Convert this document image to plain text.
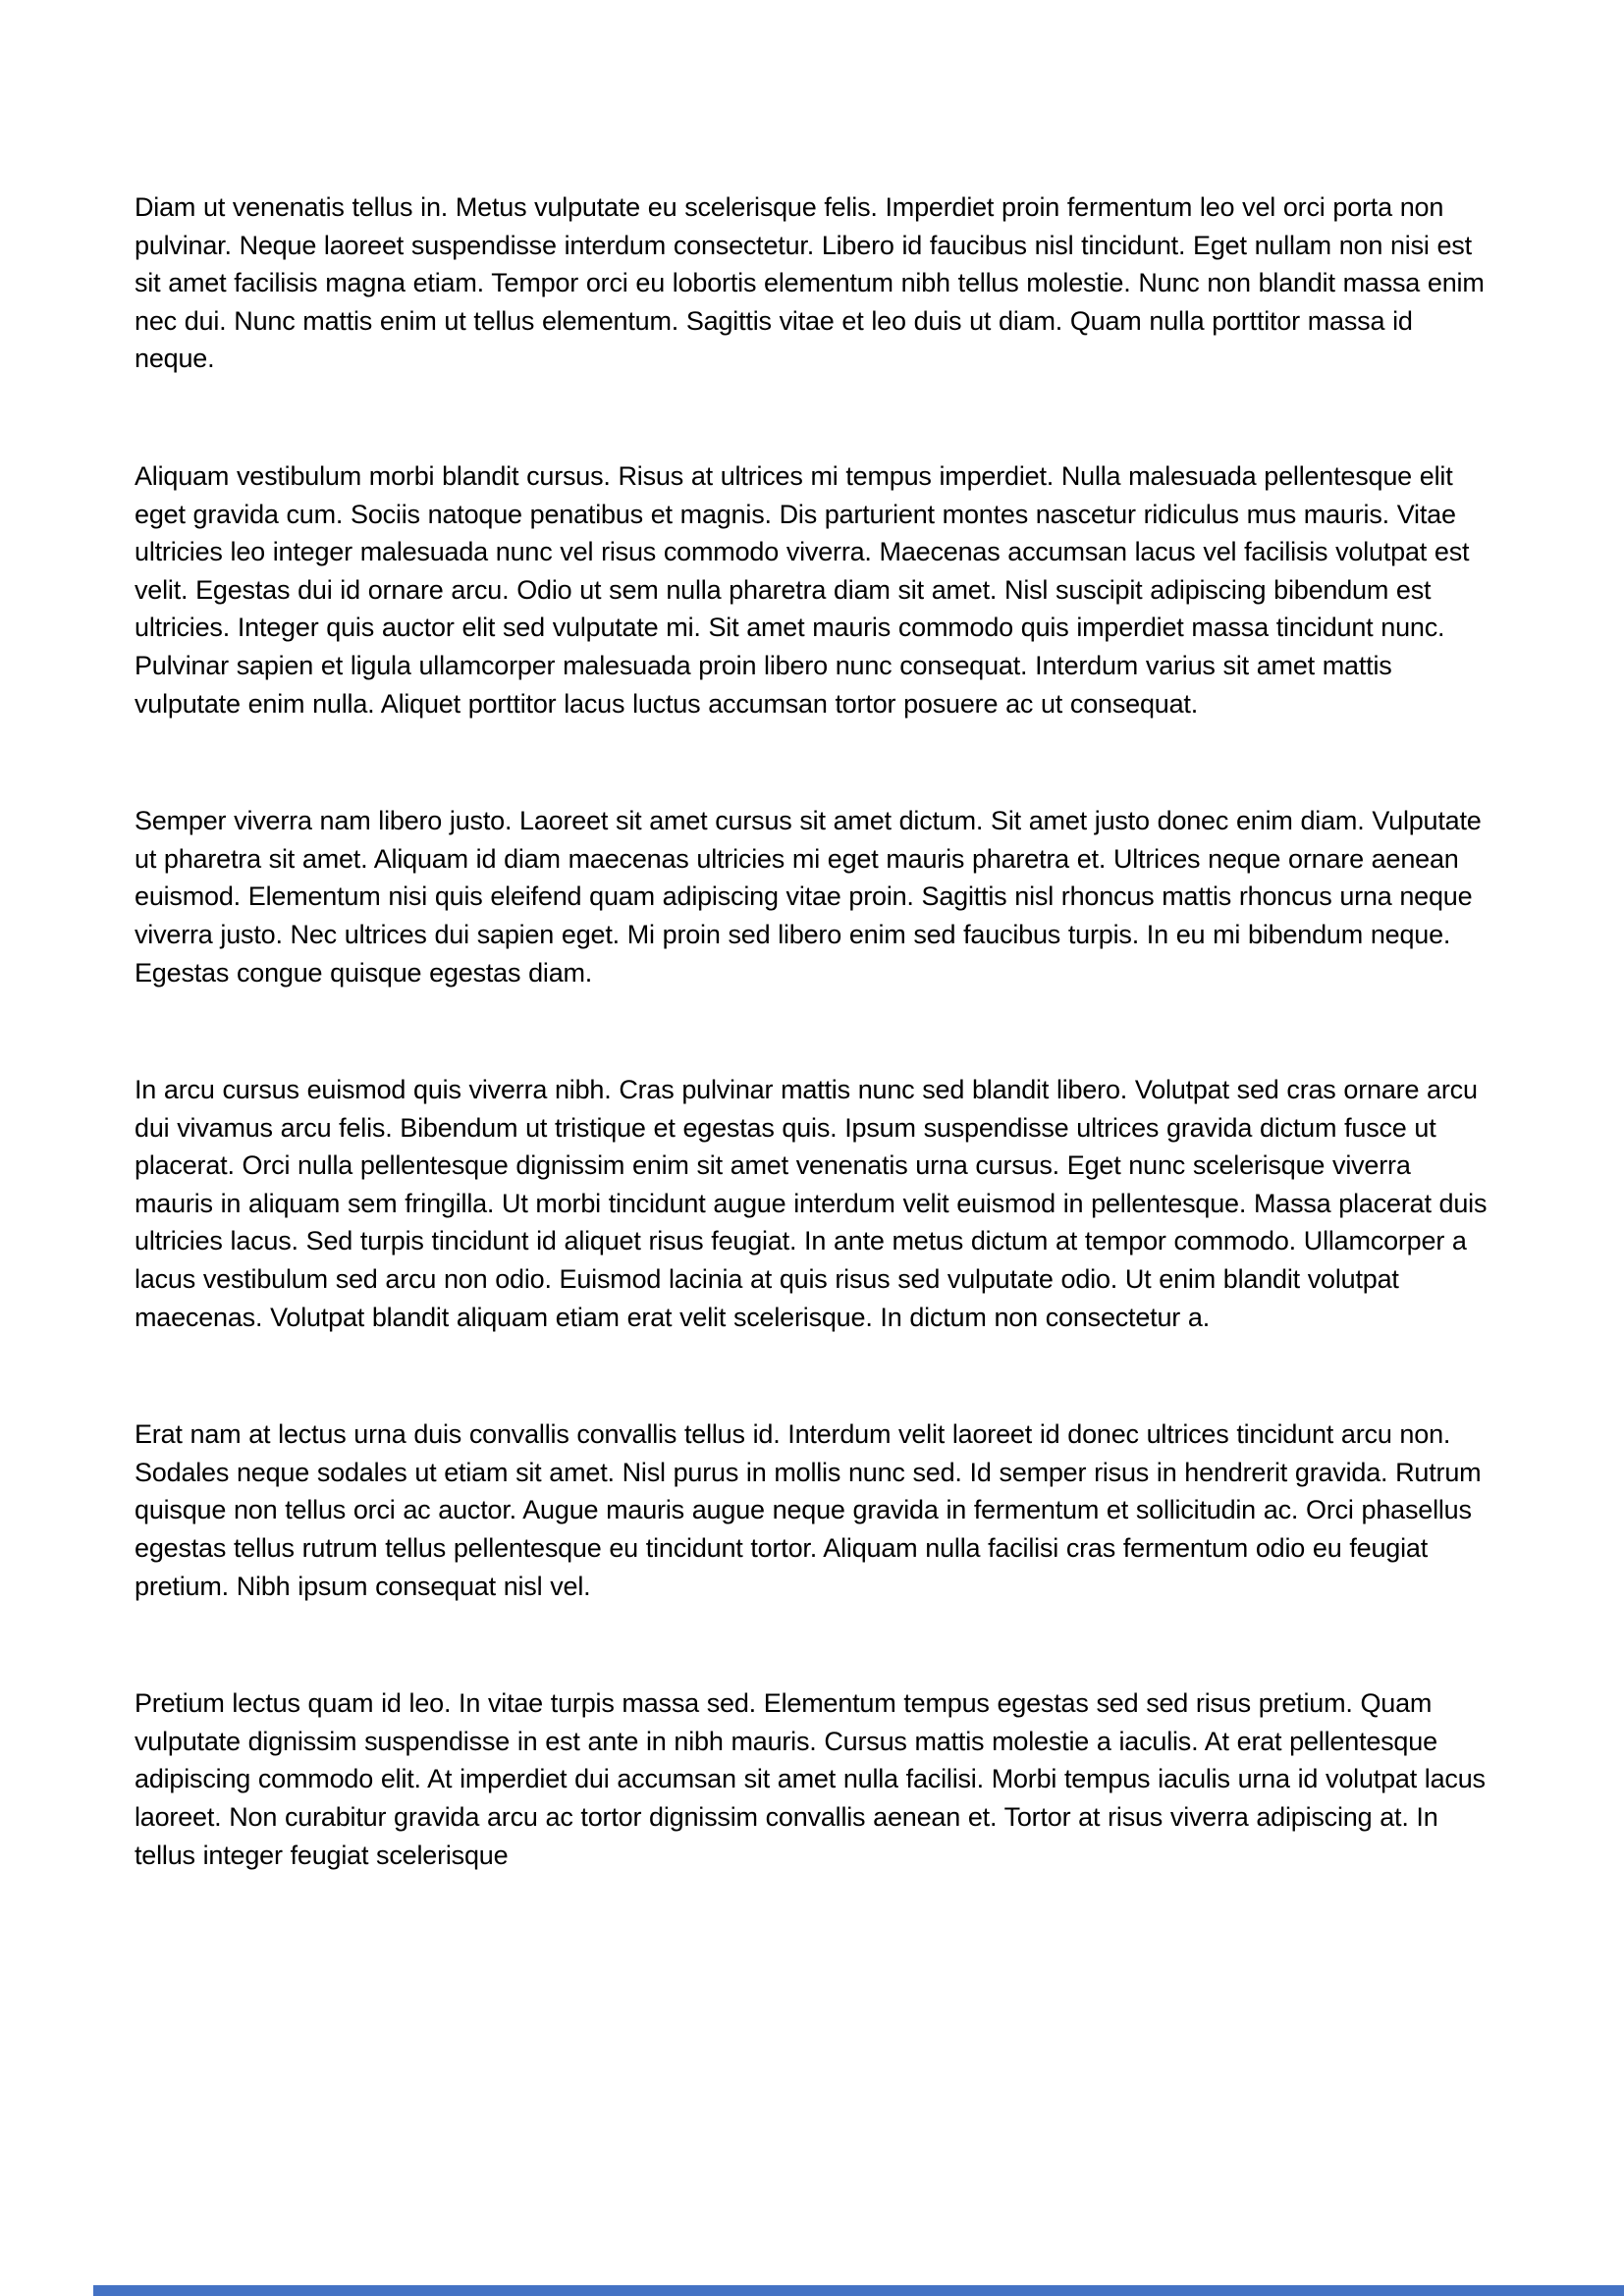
Diam ut venenatis tellus in. Metus vulputate eu scelerisque felis. Imperdiet proin fermentum leo vel orci porta non pulvinar. Neque laoreet suspendisse interdum consectetur. Libero id faucibus nisl tincidunt. Eget nullam non nisi est sit amet facilisis magna etiam. Tempor orci eu lobortis elementum nibh tellus molestie. Nunc non blandit massa enim nec dui. Nunc mattis enim ut tellus elementum. Sagittis vitae et leo duis ut diam. Quam nulla porttitor massa id neque.

Aliquam vestibulum morbi blandit cursus. Risus at ultrices mi tempus imperdiet. Nulla malesuada pellentesque elit eget gravida cum. Sociis natoque penatibus et magnis. Dis parturient montes nascetur ridiculus mus mauris. Vitae ultricies leo integer malesuada nunc vel risus commodo viverra. Maecenas accumsan lacus vel facilisis volutpat est velit. Egestas dui id ornare arcu. Odio ut sem nulla pharetra diam sit amet. Nisl suscipit adipiscing bibendum est ultricies. Integer quis auctor elit sed vulputate mi. Sit amet mauris commodo quis imperdiet massa tincidunt nunc. Pulvinar sapien et ligula ullamcorper malesuada proin libero nunc consequat. Interdum varius sit amet mattis vulputate enim nulla. Aliquet porttitor lacus luctus accumsan tortor posuere ac ut consequat.

Semper viverra nam libero justo. Laoreet sit amet cursus sit amet dictum. Sit amet justo donec enim diam. Vulputate ut pharetra sit amet. Aliquam id diam maecenas ultricies mi eget mauris pharetra et. Ultrices neque ornare aenean euismod. Elementum nisi quis eleifend quam adipiscing vitae proin. Sagittis nisl rhoncus mattis rhoncus urna neque viverra justo. Nec ultrices dui sapien eget. Mi proin sed libero enim sed faucibus turpis. In eu mi bibendum neque. Egestas congue quisque egestas diam.

In arcu cursus euismod quis viverra nibh. Cras pulvinar mattis nunc sed blandit libero. Volutpat sed cras ornare arcu dui vivamus arcu felis. Bibendum ut tristique et egestas quis. Ipsum suspendisse ultrices gravida dictum fusce ut placerat. Orci nulla pellentesque dignissim enim sit amet venenatis urna cursus. Eget nunc scelerisque viverra mauris in aliquam sem fringilla. Ut morbi tincidunt augue interdum velit euismod in pellentesque. Massa placerat duis ultricies lacus. Sed turpis tincidunt id aliquet risus feugiat. In ante metus dictum at tempor commodo. Ullamcorper a lacus vestibulum sed arcu non odio. Euismod lacinia at quis risus sed vulputate odio. Ut enim blandit volutpat maecenas. Volutpat blandit aliquam etiam erat velit scelerisque. In dictum non consectetur a.

Erat nam at lectus urna duis convallis convallis tellus id. Interdum velit laoreet id donec ultrices tincidunt arcu non. Sodales neque sodales ut etiam sit amet. Nisl purus in mollis nunc sed. Id semper risus in hendrerit gravida. Rutrum quisque non tellus orci ac auctor. Augue mauris augue neque gravida in fermentum et sollicitudin ac. Orci phasellus egestas tellus rutrum tellus pellentesque eu tincidunt tortor. Aliquam nulla facilisi cras fermentum odio eu feugiat pretium. Nibh ipsum consequat nisl vel.

Pretium lectus quam id leo. In vitae turpis massa sed. Elementum tempus egestas sed sed risus pretium. Quam vulputate dignissim suspendisse in est ante in nibh mauris. Cursus mattis molestie a iaculis. At erat pellentesque adipiscing commodo elit. At imperdiet dui accumsan sit amet nulla facilisi. Morbi tempus iaculis urna id volutpat lacus laoreet. Non curabitur gravida arcu ac tortor dignissim convallis aenean et. Tortor at risus viverra adipiscing at. In tellus integer feugiat scelerisque
